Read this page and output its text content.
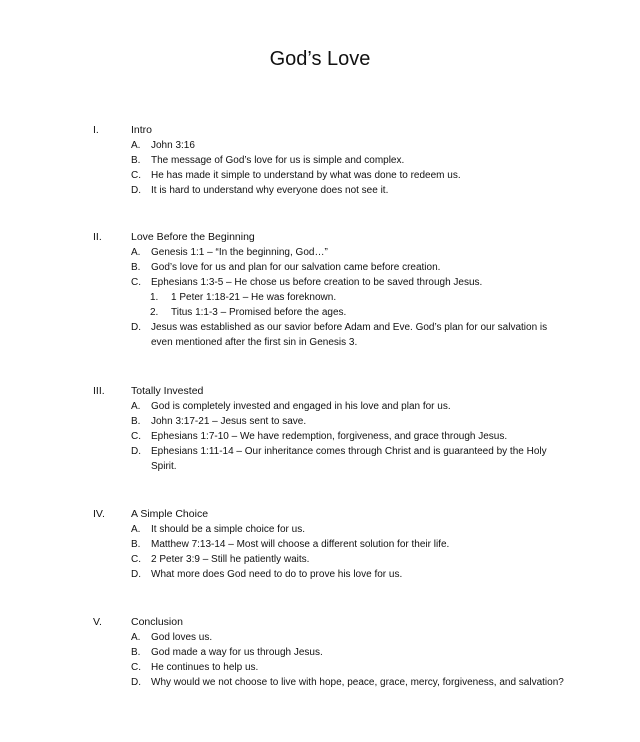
God’s Love
I.	Intro
A.	John 3:16
B.	The message of God’s love for us is simple and complex.
C.	He has made it simple to understand by what was done to redeem us.
D.	It is hard to understand why everyone does not see it.
II.	Love Before the Beginning
A.	Genesis 1:1 – “In the beginning, God…”
B.	God’s love for us and plan for our salvation came before creation.
C.	Ephesians 1:3-5 – He chose us before creation to be saved through Jesus.
1.	1 Peter 1:18-21 – He was foreknown.
2.	Titus 1:1-3 – Promised before the ages.
D.	Jesus was established as our savior before Adam and Eve. God’s plan for our salvation is even mentioned after the first sin in Genesis 3.
III.	Totally Invested
A.	God is completely invested and engaged in his love and plan for us.
B.	John 3:17-21 – Jesus sent to save.
C.	Ephesians 1:7-10 – We have redemption, forgiveness, and grace through Jesus.
D.	Ephesians 1:11-14 – Our inheritance comes through Christ and is guaranteed by the Holy Spirit.
IV. A Simple Choice
A.	It should be a simple choice for us.
B.	Matthew 7:13-14 – Most will choose a different solution for their life.
C.	2 Peter 3:9 – Still he patiently waits.
D.	What more does God need to do to prove his love for us.
V.	Conclusion
A.	God loves us.
B.	God made a way for us through Jesus.
C.	He continues to help us.
D.	Why would we not choose to live with hope, peace, grace, mercy, forgiveness, and salvation?
